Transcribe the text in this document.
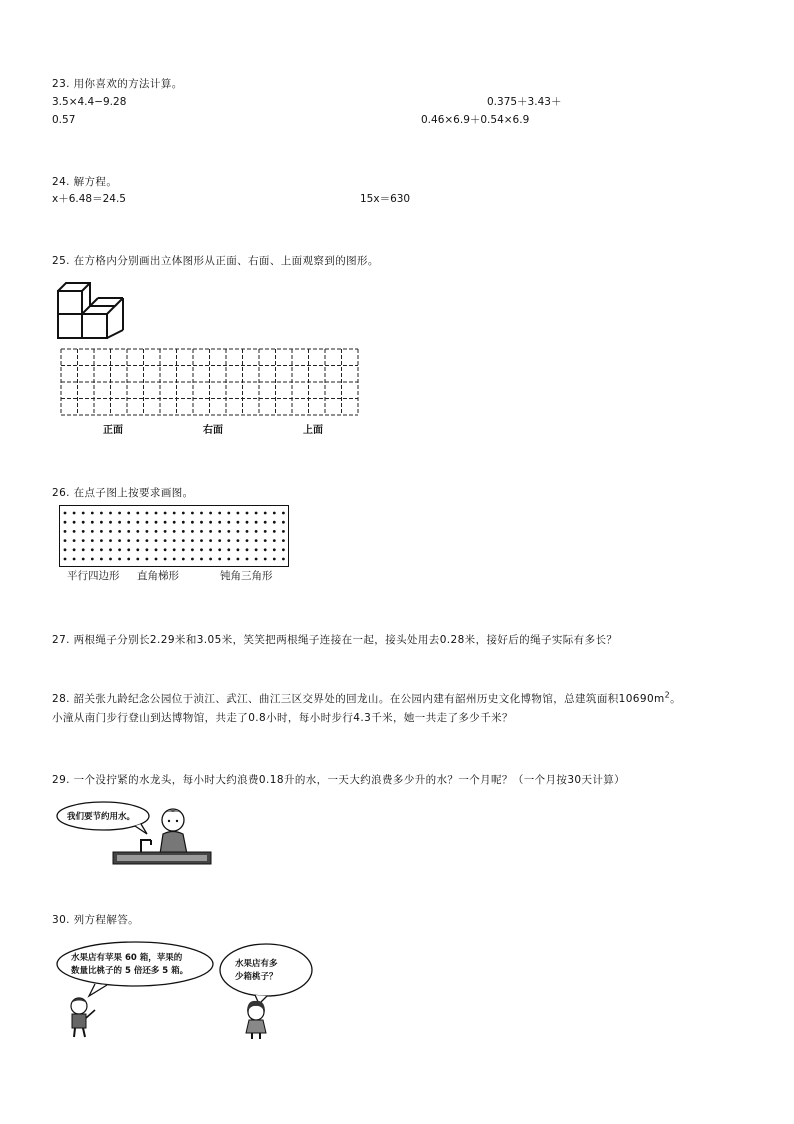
23. 用你喜欢的方法计算。
3.5×4.4−9.28	0.375＋3.43＋
0.57	0.46×6.9＋0.54×6.9
24. 解方程。
x＋6.48＝24.5	15x＝630
25. 在方格内分别画出立体图形从正面、右面、上面观察到的图形。
正面	右面	上面
26. 在点子图上按要求画图。
平行四边形 直角梯形	钝角三角形
27. 两根绳子分别长2.29米和3.05米，笑笑把两根绳子连接在一起，接头处用去0.28米，接好后的绳子实际有多长？
28. 韶关张九龄纪念公园位于浈江、武江、曲江三区交界处的回龙山。在公园内建有韶州历史文化博物馆，总建筑面积$10690m^2$。
小潼从南门步行登山到达博物馆，共走了0.8小时，每小时步行4.3千米，她一共走了多少千米？
29. 一个没拧紧的水龙头，每小时大约浪费0.18升的水，一天大约浪费多少升的水？一个月呢？（一个月按30天计算）
我们要节约用水。
30. 列方程解答。
水果店有苹果 60 箱，苹果的
数量比桃子的 5 倍还多 5 箱。
水果店有多
少箱桃子？
